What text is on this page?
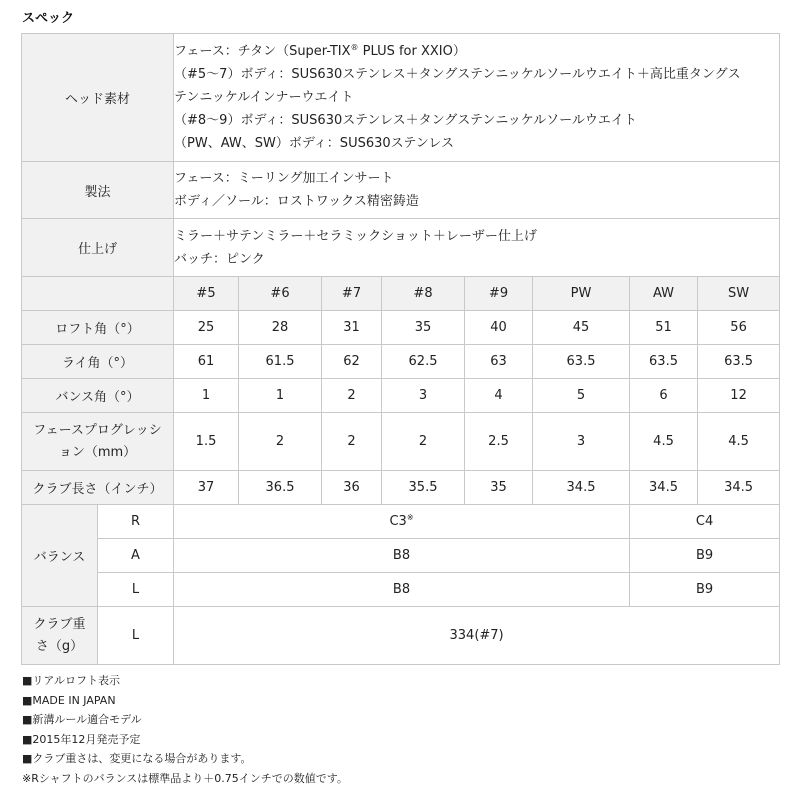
スペック
ヘッド素材		フェース：チタン（Super-TIX® PLUS for XXIO）
（#5～7）ボディ：SUS630ステンレス＋タングステンニッケルソールウエイト＋高比重タングス
テンニッケルインナーウエイト
（#8～9）ボディ：SUS630ステンレス＋タングステンニッケルソールウエイト
（PW、AW、SW）ボディ：SUS630ステンレス							

製法		フェース：ミーリング加工インサート
ボディ／ソール：ロストワックス精密鋳造							

仕上げ		ミラー＋サテンミラー＋セラミックショット＋レーザー仕上げ
バッチ：ピンク							

		#5	#6	#7	#8	#9	PW	AW	SW
ロフト角（°）		25	28	31	35	40	45	51	56
ライ角（°）		61	61.5	62	62.5	63	63.5	63.5	63.5
バンス角（°）		1	1	2	3	4	5	6	12

フェースプログレッシ
ョン（mm）		1.5	2	2	2	2.5	3	4.5	4.5
クラブ長さ（インチ）		37	36.5	36	35.5	35	34.5	34.5	34.5
バランス	R	C3※						C4	
	A	B8						B9	
	L	B8						B9	

クラブ重
さ（g）	L	334(#7)							
■リアルロフト表示
■MADE IN JAPAN
■新溝ルール適合モデル
■2015年12月発売予定
■クラブ重さは、変更になる場合があります。
※Rシャフトのバランスは標準品より＋0.75インチでの数値です。
